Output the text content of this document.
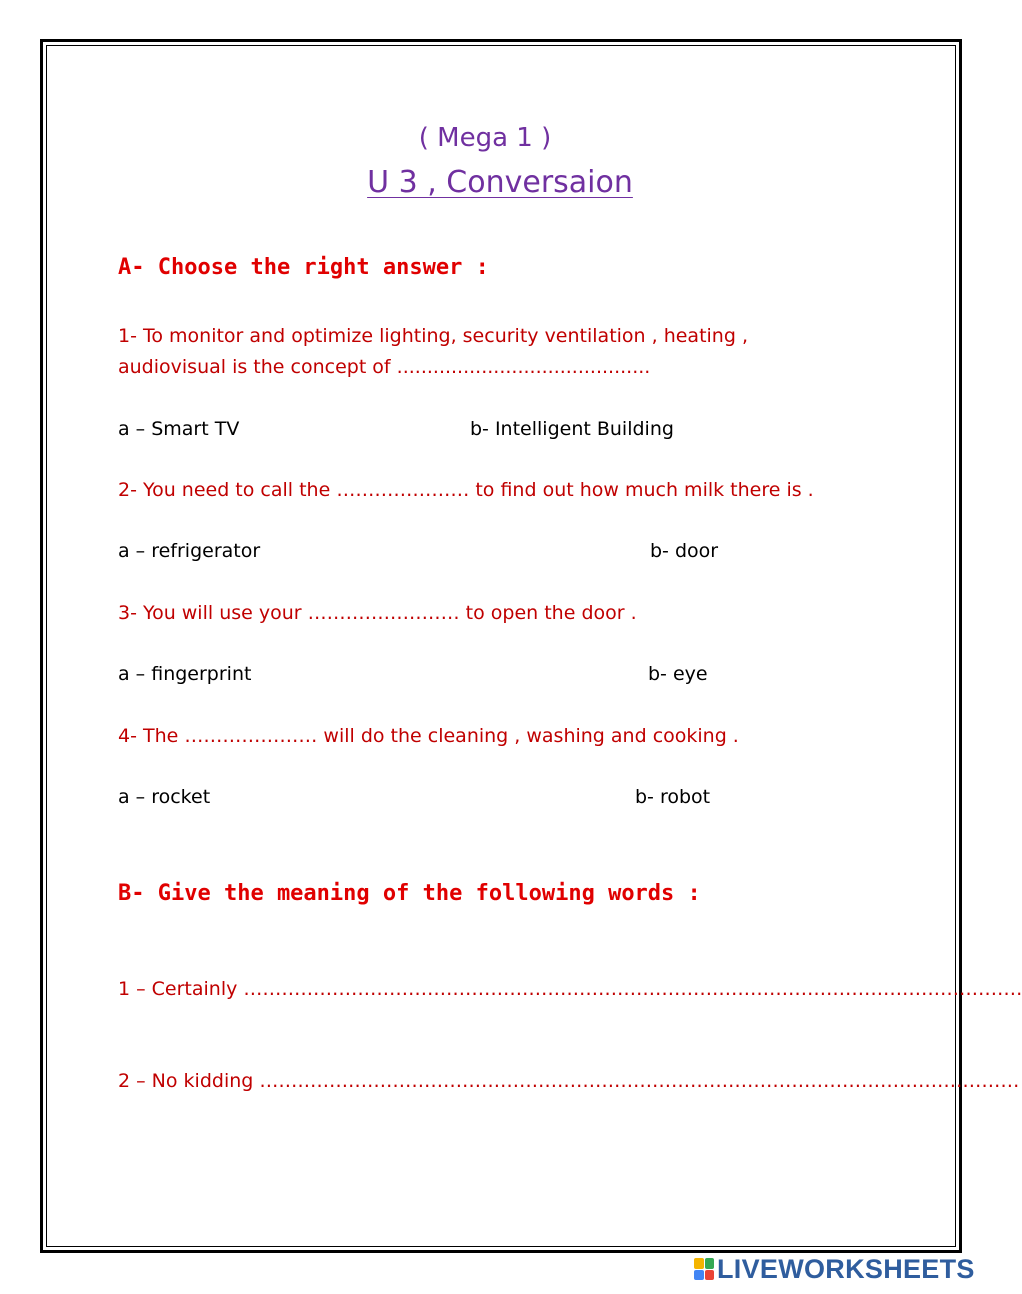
( Mega 1 )
U 3 , Conversaion
A- Choose the right answer :
1- To monitor and optimize lighting, security ventilation , heating ,
audiovisual is the concept of ..........................................
a – Smart TV	b- Intelligent Building
2- You need to call the ………………… to find out how much milk there is .
a – refrigerator	b- door
3- You will use your …………………… to open the door .
a – fingerprint	b- eye
4- The ………………… will do the cleaning , washing and cooking .
a – rocket	b- robot
B- Give the meaning of the following words :
1 – Certainly ……………………………………………………………………………………………………………
2 – No kidding …………………………………………………………………………………………………………
LIVEWORKSHEETS
